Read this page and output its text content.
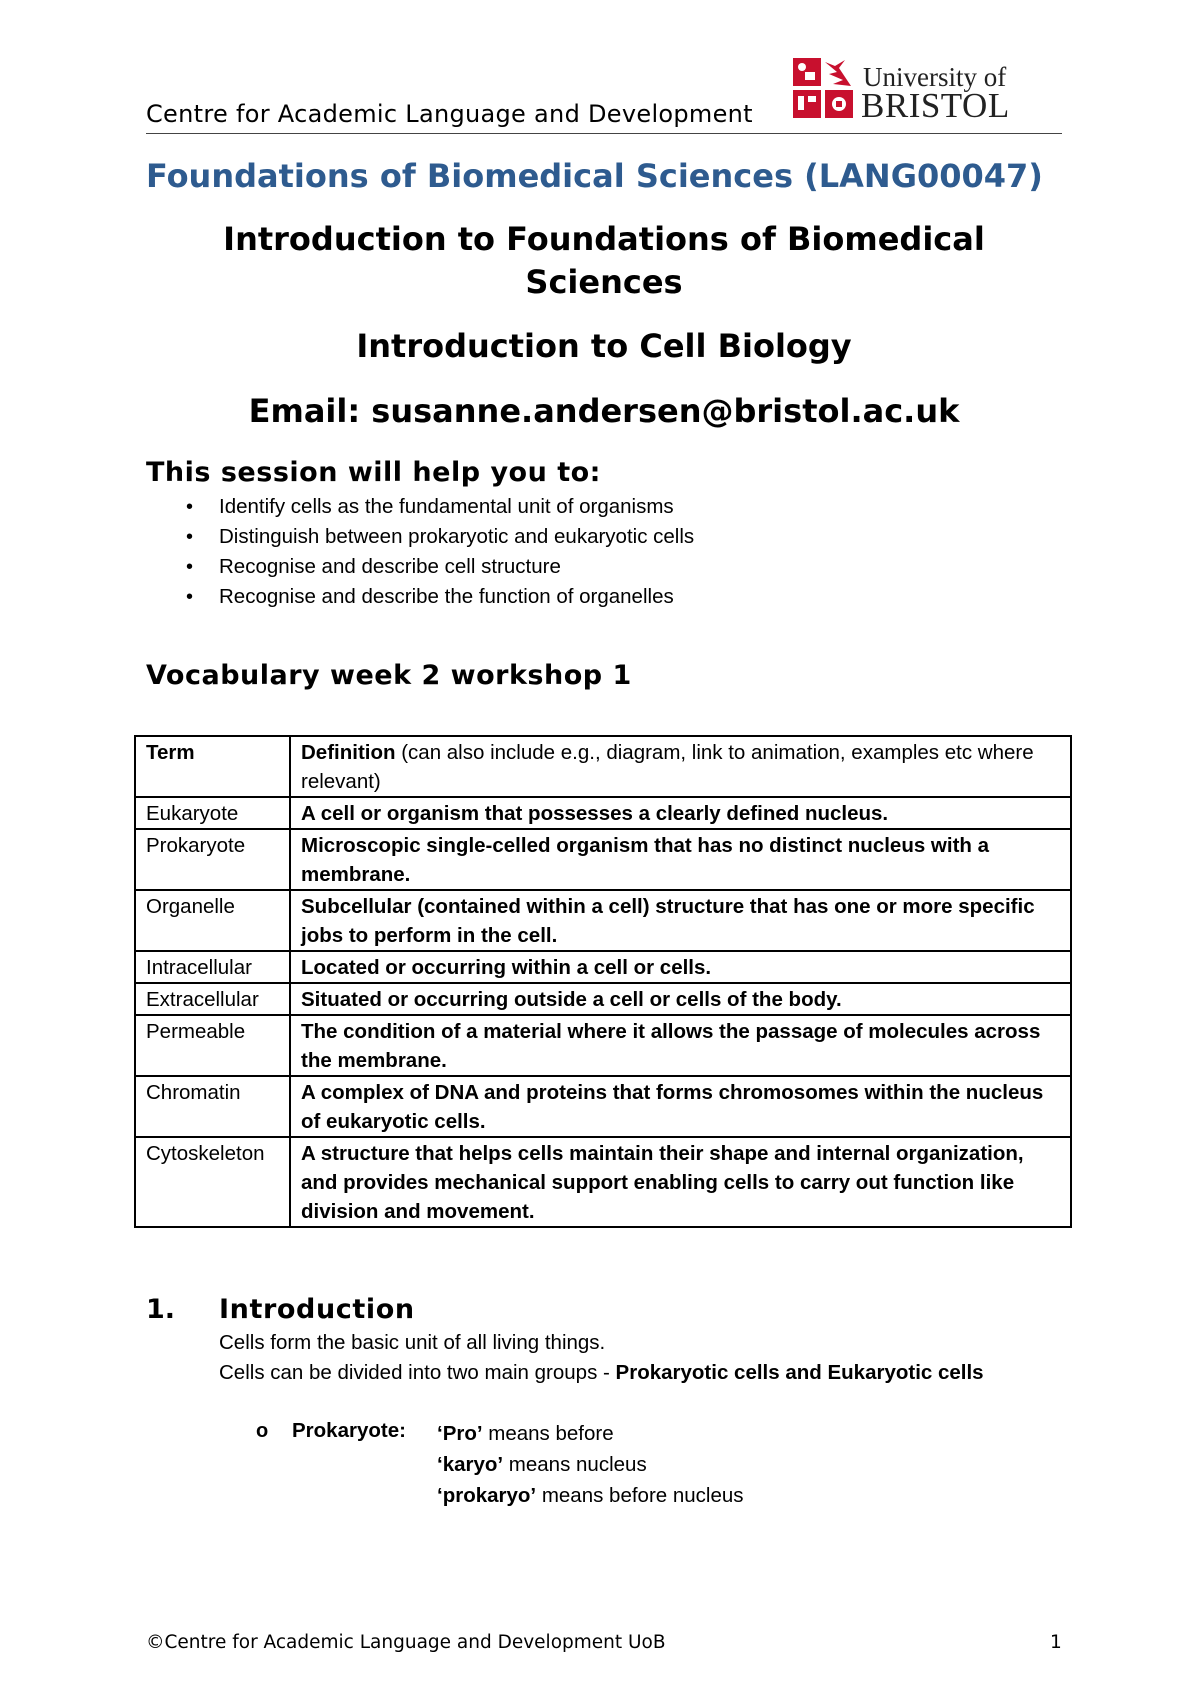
Centre for Academic Language and Development
University of
BRISTOL
Foundations of Biomedical Sciences (LANG00047)
Introduction to Foundations of Biomedical Sciences
Introduction to Cell Biology
Email: susanne.andersen@bristol.ac.uk
This session will help you to:
• Identify cells as the fundamental unit of organisms
• Distinguish between prokaryotic and eukaryotic cells
• Recognise and describe cell structure
• Recognise and describe the function of organelles
Vocabulary week 2 workshop 1
Term	Definition (can also include e.g., diagram, link to animation, examples etc where relevant)
Eukaryote	A cell or organism that possesses a clearly defined nucleus.
Prokaryote	Microscopic single-celled organism that has no distinct nucleus with a membrane.
Organelle	Subcellular (contained within a cell) structure that has one or more specific jobs to perform in the cell.
Intracellular	Located or occurring within a cell or cells.
Extracellular	Situated or occurring outside a cell or cells of the body.
Permeable	The condition of a material where it allows the passage of molecules across the membrane.
Chromatin	A complex of DNA and proteins that forms chromosomes within the nucleus of eukaryotic cells.
Cytoskeleton	A structure that helps cells maintain their shape and internal organization, and provides mechanical support enabling cells to carry out function like division and movement.
1. Introduction
Cells form the basic unit of all living things.
Cells can be divided into two main groups - Prokaryotic cells and Eukaryotic cells
o Prokaryote: ‘Pro’ means before
‘karyo’ means nucleus
‘prokaryo’ means before nucleus
©Centre for Academic Language and Development UoB	1
